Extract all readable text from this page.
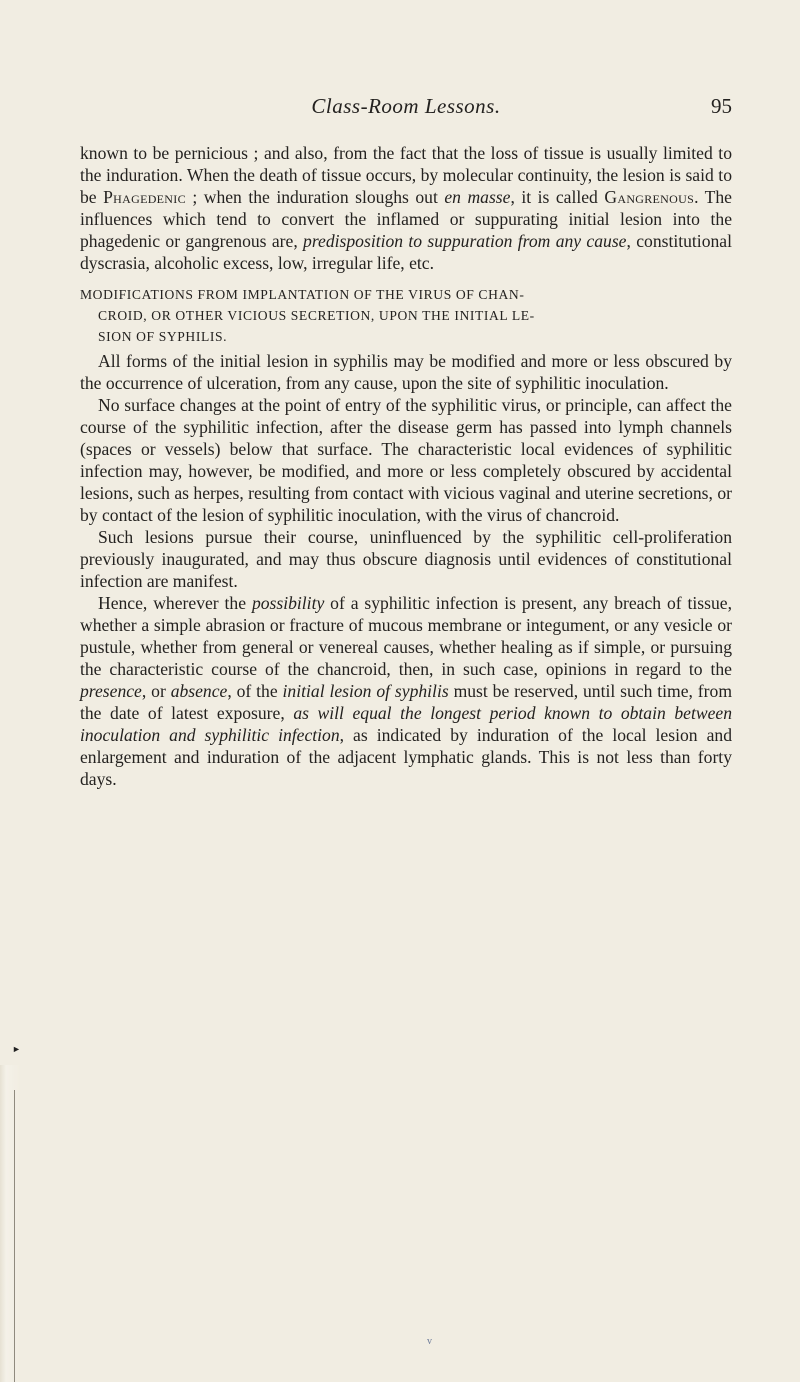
Class-Room Lessons.	95

known to be pernicious ; and also, from the fact that the loss of tissue is usually limited to the induration. When the death of tissue occurs, by molecular continuity, the lesion is said to be Phagedenic ; when the induration sloughs out en masse, it is called Gangrenous. The influences which tend to convert the inflamed or suppurating initial lesion into the phagedenic or gangrenous are, predisposition to suppuration from any cause, constitutional dyscrasia, alcoholic excess, low, irregular life, etc.

MODIFICATIONS FROM IMPLANTATION OF THE VIRUS OF CHAN-
CROID, OR OTHER VICIOUS SECRETION, UPON THE INITIAL LE-
SION OF SYPHILIS.

All forms of the initial lesion in syphilis may be modified and more or less obscured by the occurrence of ulceration, from any cause, upon the site of syphilitic inoculation.

No surface changes at the point of entry of the syphilitic virus, or principle, can affect the course of the syphilitic infection, after the disease germ has passed into lymph channels (spaces or vessels) below that surface. The characteristic local evidences of syphilitic infection may, however, be modified, and more or less completely obscured by accidental lesions, such as herpes, resulting from contact with vicious vaginal and uterine secretions, or by contact of the lesion of syphilitic inoculation, with the virus of chancroid.

Such lesions pursue their course, uninfluenced by the syphilitic cell-proliferation previously inaugurated, and may thus obscure diagnosis until evidences of constitutional infection are manifest.

Hence, wherever the possibility of a syphilitic infection is present, any breach of tissue, whether a simple abrasion or fracture of mucous membrane or integument, or any vesicle or pustule, whether from general or venereal causes, whether healing as if simple, or pursuing the characteristic course of the chancroid, then, in such case, opinions in regard to the presence, or absence, of the initial lesion of syphilis must be reserved, until such time, from the date of latest exposure, as will equal the longest period known to obtain between inoculation and syphilitic infection, as indicated by induration of the local lesion and enlargement and induration of the adjacent lymphatic glands. This is not less than forty days.

►
v
